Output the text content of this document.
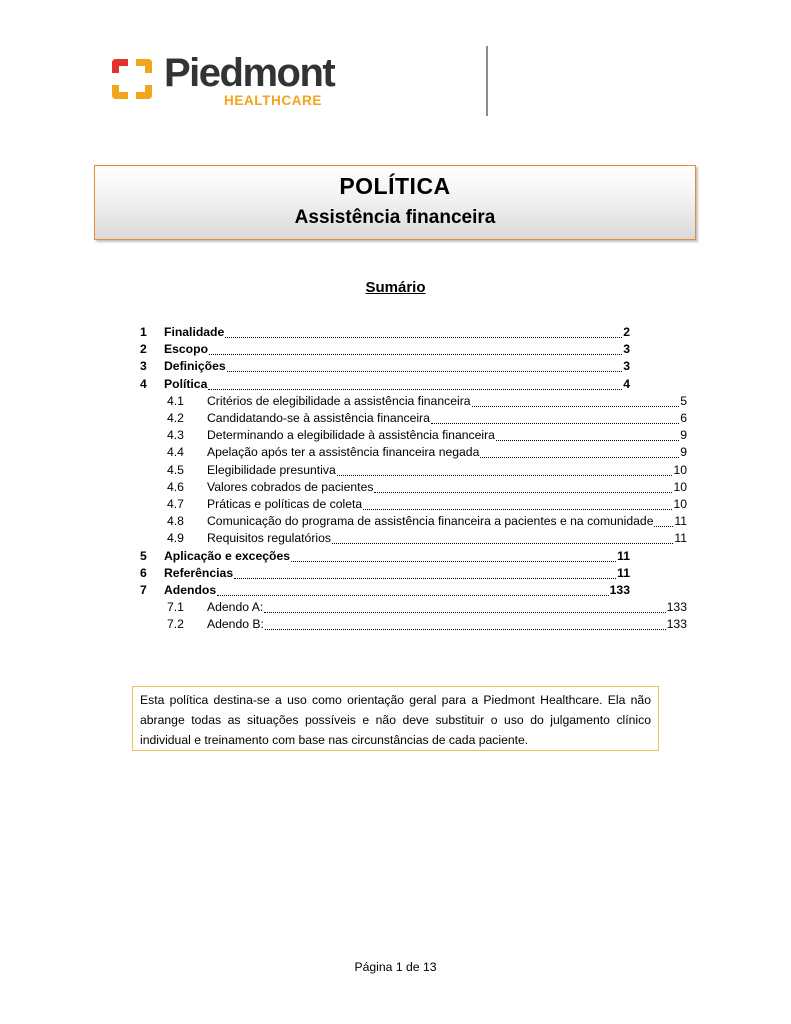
Piedmont
HEALTHCARE
POLÍTICA
Assistência financeira
Sumário
1	Finalidade	2
2	Escopo	3
3	Definições	3
4	Política	4
4.1	Critérios de elegibilidade a assistência financeira	5
4.2	Candidatando-se à assistência financeira	6
4.3	Determinando a elegibilidade à assistência financeira	9
4.4	Apelação após ter a assistência financeira negada	9
4.5	Elegibilidade presuntiva	10
4.6	Valores cobrados de pacientes	10
4.7	Práticas e políticas de coleta	10
4.8	Comunicação do programa de assistência financeira a pacientes e na comunidade 11
4.9	Requisitos regulatórios	11
5	Aplicação e exceções	11
6	Referências	11
7	Adendos	133
7.1	Adendo A:	133
7.2	Adendo B:	133
Esta política destina-se a uso como orientação geral para a Piedmont Healthcare. Ela não abrange todas as situações possíveis e não deve substituir o uso do julgamento clínico individual e treinamento com base nas circunstâncias de cada paciente.
Página 1 de 13
